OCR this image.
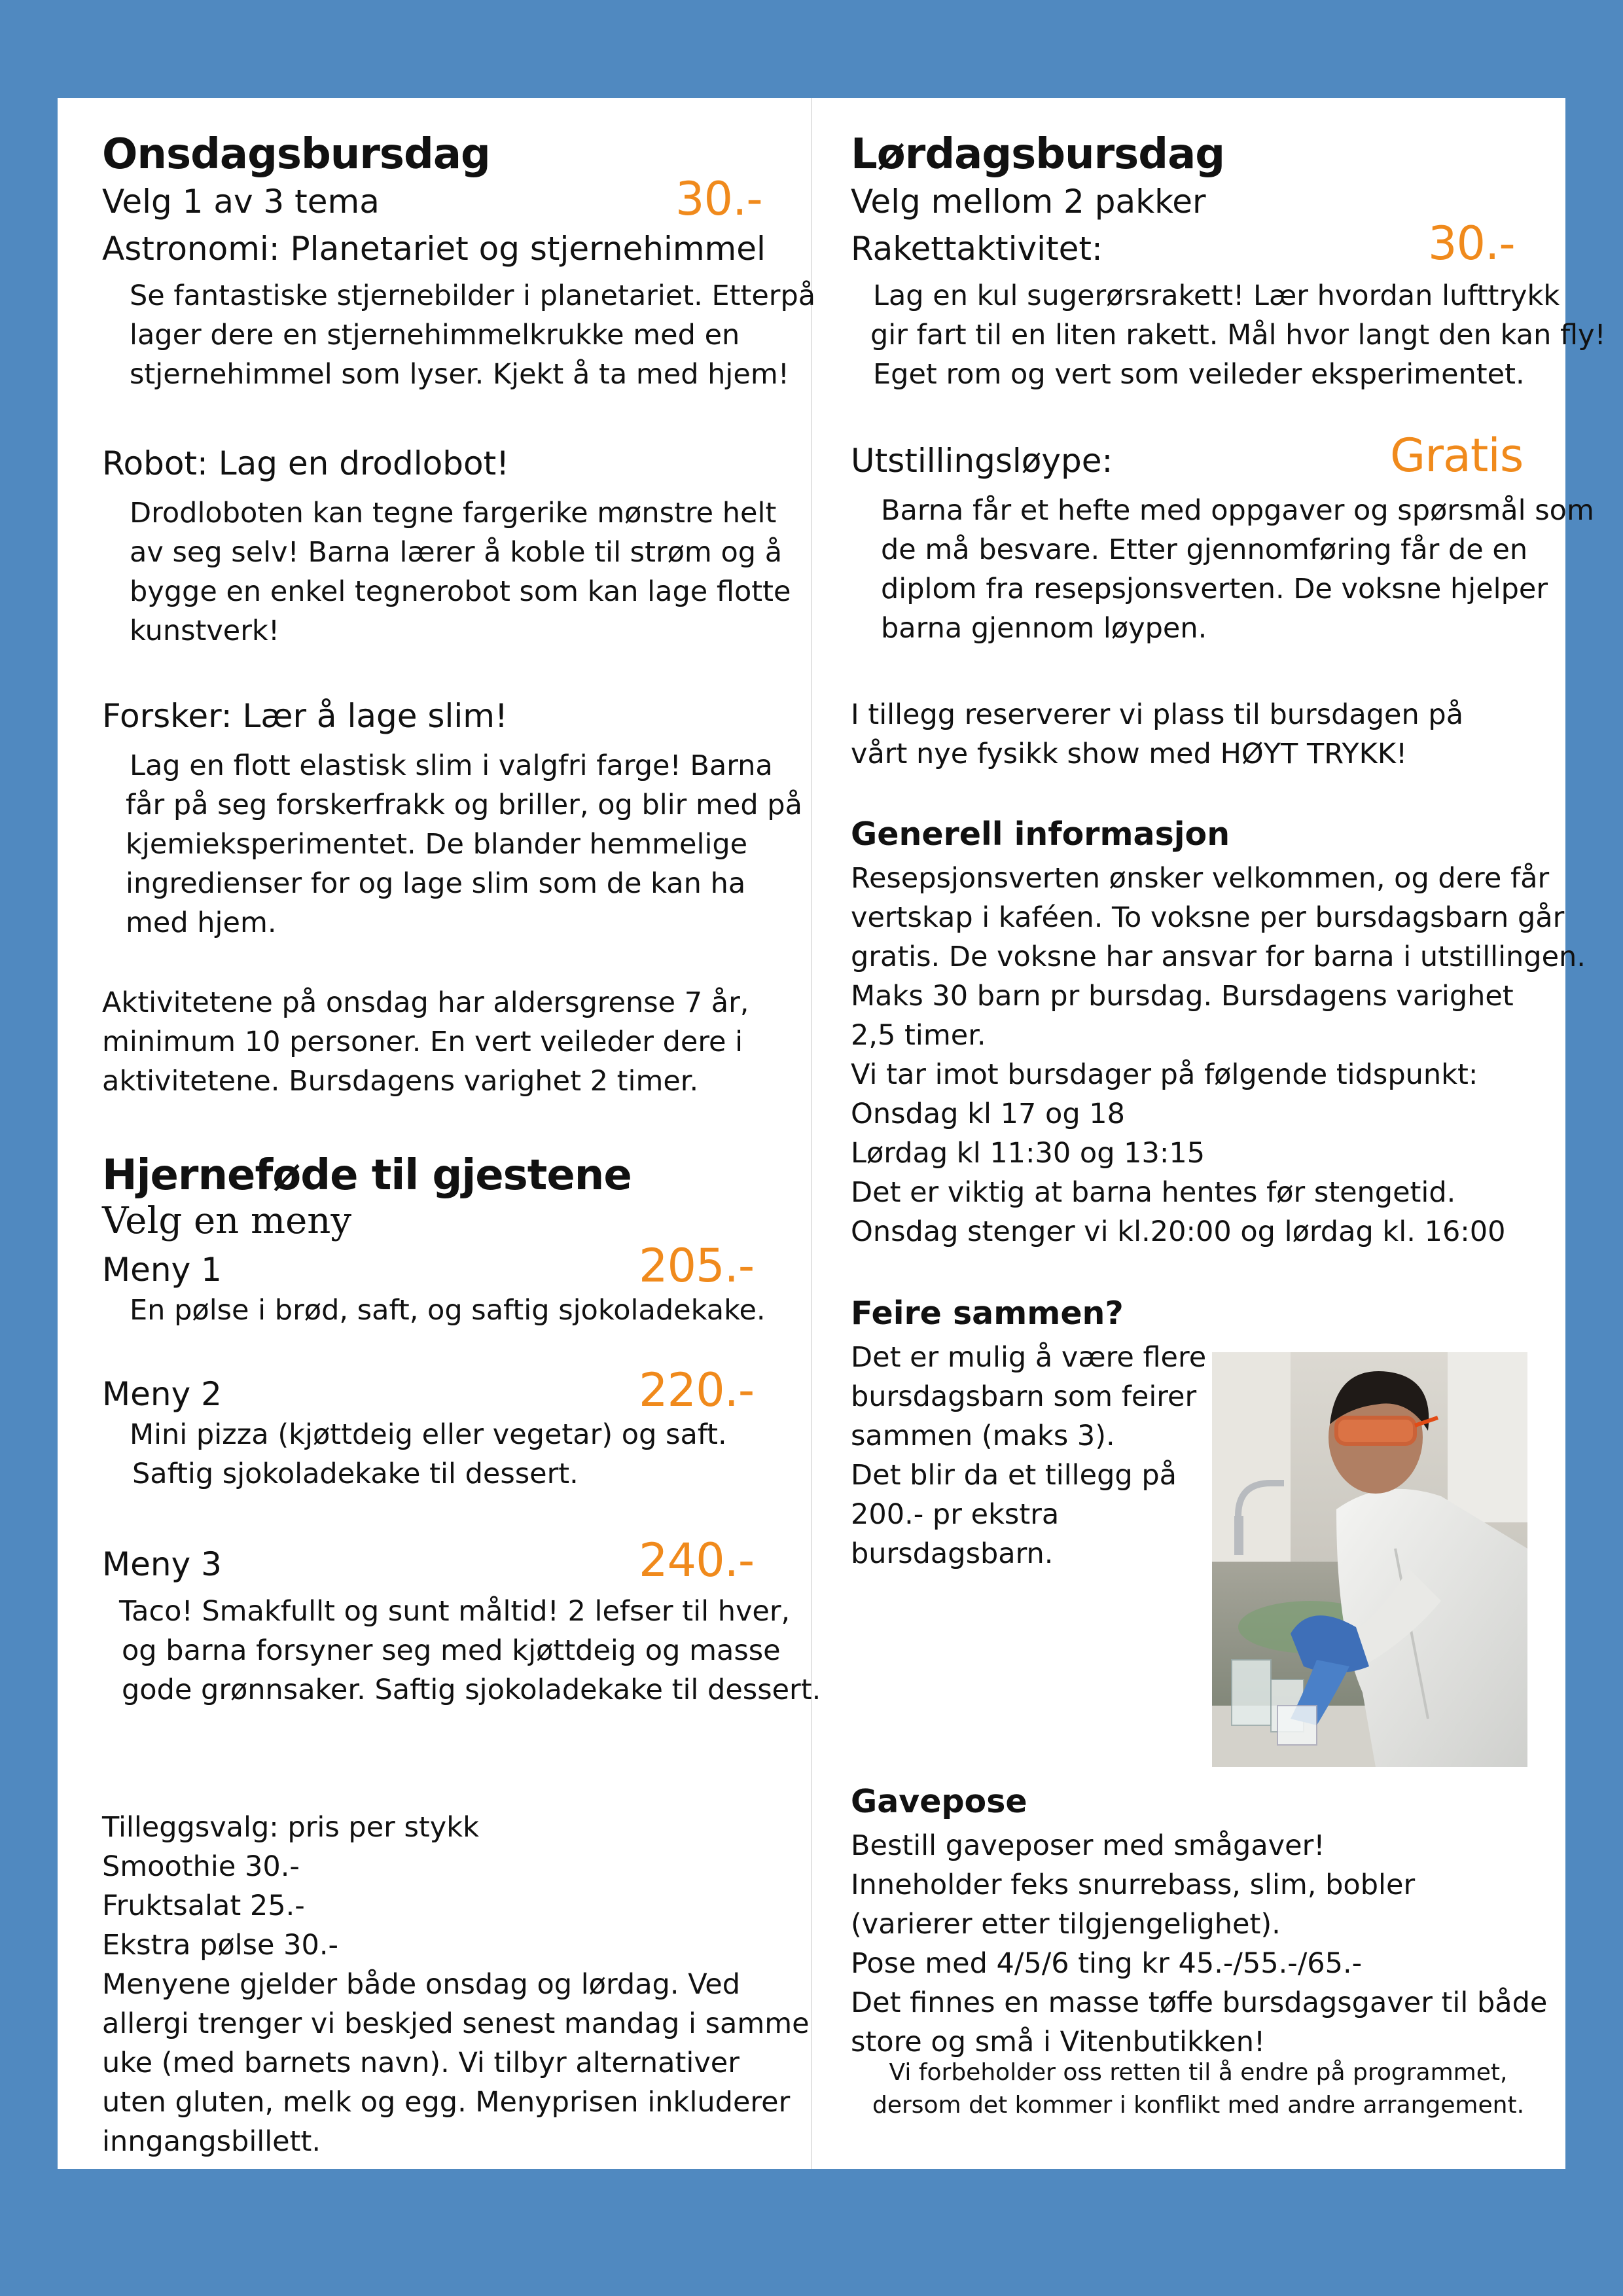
Onsdagsbursdag
Velg 1 av 3 tema	30.-
Astronomi: Planetariet og stjernehimmel
Se fantastiske stjernebilder i planetariet. Etterpå
lager dere en stjernehimmelkrukke med en
stjernehimmel som lyser. Kjekt å ta med hjem!
Robot: Lag en drodlobot!
Drodloboten kan tegne fargerike mønstre helt
av seg selv! Barna lærer å koble til strøm og å
bygge en enkel tegnerobot som kan lage flotte
kunstverk!
Forsker: Lær å lage slim!
Lag en flott elastisk slim i valgfri farge! Barna
får på seg forskerfrakk og briller, og blir med på
kjemieksperimentet. De blander hemmelige
ingredienser for og lage slim som de kan ha
med hjem.
Aktivitetene på onsdag har aldersgrense 7 år,
minimum 10 personer. En vert veileder dere i
aktivitetene. Bursdagens varighet 2 timer.
Hjerneføde til gjestene
Velg en meny
Meny 1	205.-
En pølse i brød, saft, og saftig sjokoladekake.
Meny 2	220.-
Mini pizza (kjøttdeig eller vegetar) og saft.
Saftig sjokoladekake til dessert.
Meny 3	240.-
Taco! Smakfullt og sunt måltid! 2 lefser til hver,
og barna forsyner seg med kjøttdeig og masse
gode grønnsaker. Saftig sjokoladekake til dessert.
Tilleggsvalg: pris per stykk
Smoothie 30.-
Fruktsalat 25.-
Ekstra pølse 30.-
Menyene gjelder både onsdag og lørdag. Ved
allergi trenger vi beskjed senest mandag i samme
uke (med barnets navn). Vi tilbyr alternativer
uten gluten, melk og egg. Menyprisen inkluderer
inngangsbillett.
Lørdagsbursdag
Velg mellom 2 pakker
Rakettaktivitet:	30.-
Lag en kul sugerørsrakett! Lær hvordan lufttrykk
gir fart til en liten rakett. Mål hvor langt den kan fly!
Eget rom og vert som veileder eksperimentet.
Utstillingsløype:	Gratis
Barna får et hefte med oppgaver og spørsmål som
de må besvare. Etter gjennomføring får de en
diplom fra resepsjonsverten. De voksne hjelper
barna gjennom løypen.
I tillegg reserverer vi plass til bursdagen på
vårt nye fysikk show med HØYT TRYKK!
Generell informasjon
Resepsjonsverten ønsker velkommen, og dere får
vertskap i kaféen. To voksne per bursdagsbarn går
gratis. De voksne har ansvar for barna i utstillingen.
Maks 30 barn pr bursdag. Bursdagens varighet
2,5 timer.
Vi tar imot bursdager på følgende tidspunkt:
Onsdag kl 17 og 18
Lørdag kl 11:30 og 13:15
Det er viktig at barna hentes før stengetid.
Onsdag stenger vi kl.20:00 og lørdag kl. 16:00
Feire sammen?
Det er mulig å være flere
bursdagsbarn som feirer
sammen (maks 3).
Det blir da et tillegg på
200.- pr ekstra
bursdagsbarn.
Gavepose
Bestill gaveposer med smågaver!
Inneholder feks snurrebass, slim, bobler
(varierer etter tilgjengelighet).
Pose med 4/5/6 ting kr 45.-/55.-/65.-
Det finnes en masse tøffe bursdagsgaver til både
store og små i Vitenbutikken!
Vi forbeholder oss retten til å endre på programmet,
dersom det kommer i konflikt med andre arrangement.
